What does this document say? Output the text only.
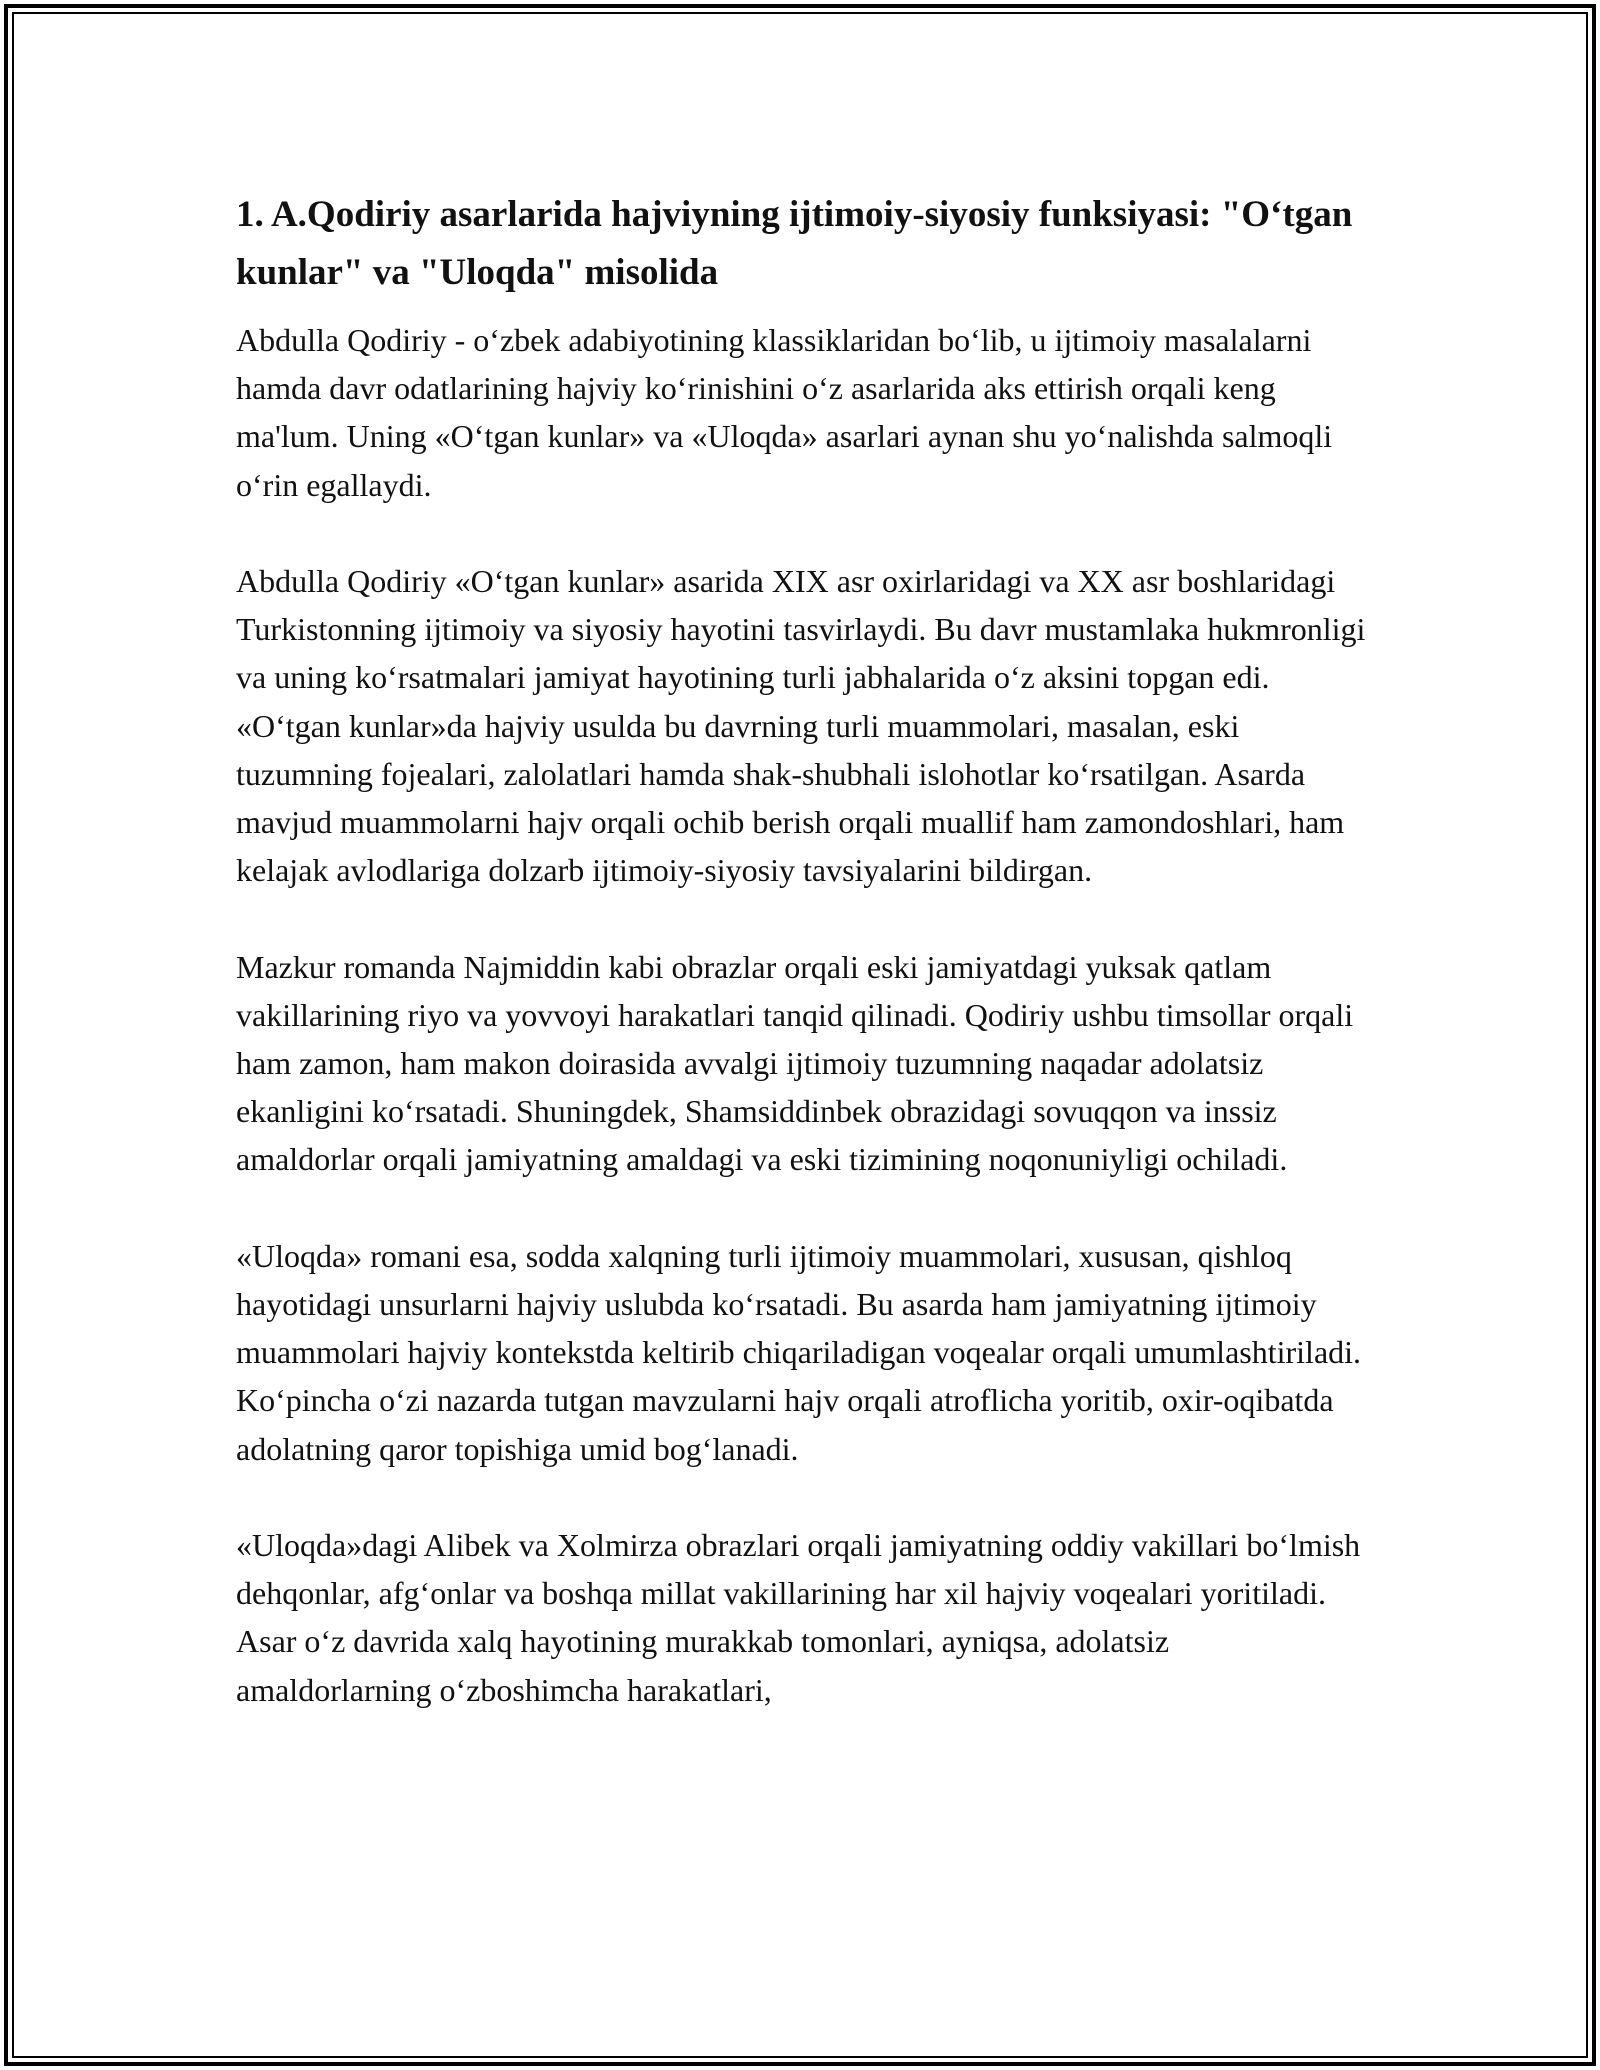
1. A.Qodiriy asarlarida hajviyning ijtimoiy-siyosiy funksiyasi: "O‘tgan kunlar" va "Uloqda" misolida

Abdulla Qodiriy - o‘zbek adabiyotining klassiklaridan bo‘lib, u ijtimoiy masalalarni hamda davr odatlarining hajviy ko‘rinishini o‘z asarlarida aks ettirish orqali keng ma'lum. Uning «O‘tgan kunlar» va «Uloqda» asarlari aynan shu yo‘nalishda salmoqli o‘rin egallaydi.

Abdulla Qodiriy «O‘tgan kunlar» asarida XIX asr oxirlaridagi va XX asr boshlaridagi Turkistonning ijtimoiy va siyosiy hayotini tasvirlaydi. Bu davr mustamlaka hukmronligi va uning ko‘rsatmalari jamiyat hayotining turli jabhalarida o‘z aksini topgan edi. «O‘tgan kunlar»da hajviy usulda bu davrning turli muammolari, masalan, eski tuzumning fojealari, zalolatlari hamda shak-shubhali islohotlar ko‘rsatilgan. Asarda mavjud muammolarni hajv orqali ochib berish orqali muallif ham zamondoshlari, ham kelajak avlodlariga dolzarb ijtimoiy-siyosiy tavsiyalarini bildirgan.

Mazkur romanda Najmiddin kabi obrazlar orqali eski jamiyatdagi yuksak qatlam vakillarining riyo va yovvoyi harakatlari tanqid qilinadi. Qodiriy ushbu timsollar orqali ham zamon, ham makon doirasida avvalgi ijtimoiy tuzumning naqadar adolatsiz ekanligini ko‘rsatadi. Shuningdek, Shamsiddinbek obrazidagi sovuqqon va inssiz amaldorlar orqali jamiyatning amaldagi va eski tizimining noqonuniyligi ochiladi.

«Uloqda» romani esa, sodda xalqning turli ijtimoiy muammolari, xususan, qishloq hayotidagi unsurlarni hajviy uslubda ko‘rsatadi. Bu asarda ham jamiyatning ijtimoiy muammolari hajviy kontekstda keltirib chiqariladigan voqealar orqali umumlashtiriladi. Ko‘pincha o‘zi nazarda tutgan mavzularni hajv orqali atroflicha yoritib, oxir-oqibatda adolatning qaror topishiga umid bog‘lanadi.

«Uloqda»dagi Alibek va Xolmirza obrazlari orqali jamiyatning oddiy vakillari bo‘lmish dehqonlar, afg‘onlar va boshqa millat vakillarining har xil hajviy voqealari yoritiladi. Asar o‘z davrida xalq hayotining murakkab tomonlari, ayniqsa, adolatsiz amaldorlarning o‘zboshimcha harakatlari,
